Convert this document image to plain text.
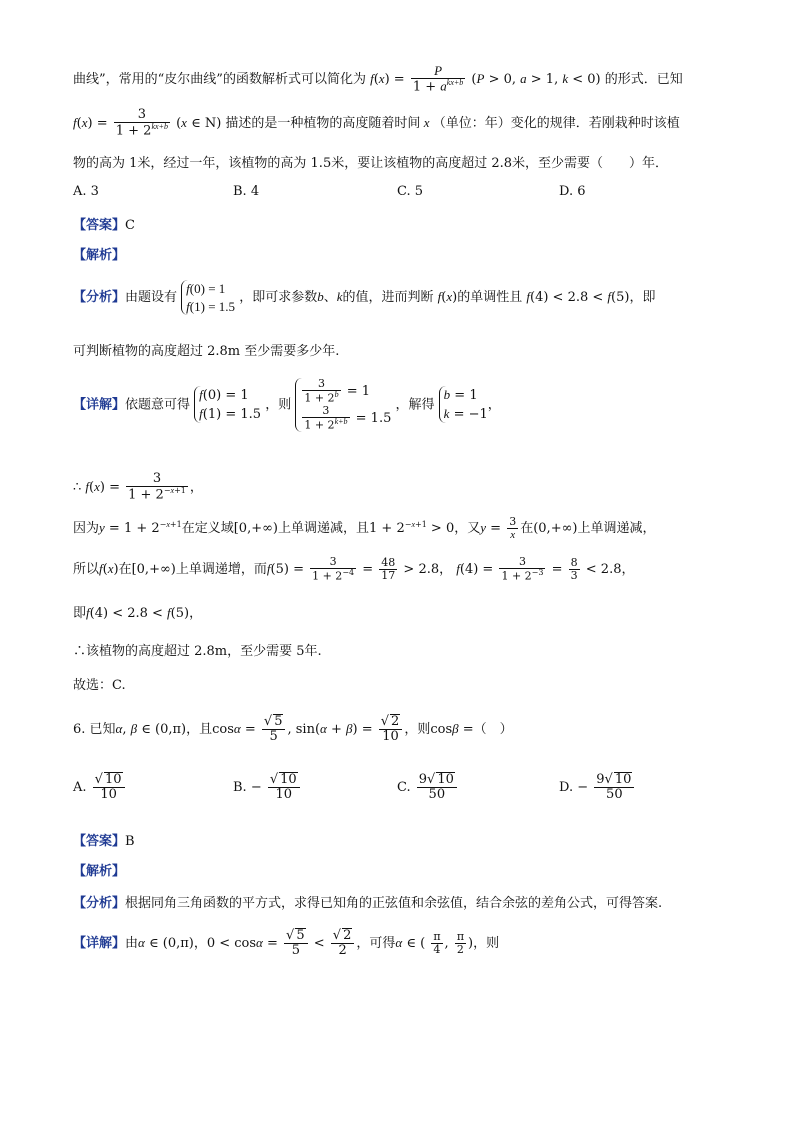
曲线”，常用的“皮尔曲线”的函数解析式可以简化为 $f(x) = \frac{P}{1 + a^{kx+b}} (P > 0$, a > 1, k < 0) 的形式．已知
$f(x) = \frac{3}{1 + 2^{kx+b}} (x$ ∈ N) 描述的是一种植物的高度随着时间 x （单位：年）变化的规律．若刚栽种时该植
物的高为 1米，经过一年，该植物的高为 1.5米，要让该植物的高度超过 2.8米，至少需要（　　）年．
A. 3	B. 4	C. 5	D. 6
【答案】C
【解析】
【分析】由题设有 f(0) = 1
f(1) = 1.5 ，即可求参数b、k的值，进而判断 f(x)的单调性且 f(4) < 2.8 < f(5)，即
可判断植物的高度超过 2.8m 至少需要多少年.
【详解】依题意可得 f(0) = 1
f(1) = 1.5 ，则 $\frac{3}{1 + 2^b} = 1$

$\frac{3}{1 + 2^{k+b}} = 1.5$ ，解得 b = 1
k = −1，
∴ $f(x) = \frac{3}{1 + 2^{-x+1}}$ ，
因为$y = 1 + 2^{-x+1}$在定义域[0,+∞)上单调递减，且$1 + 2^{-x+1} > 0$，又$y = \frac{3}{x}$ 在(0,+∞)上单调递减，
所以f(x)在[0,+∞)上单调递增，而$f(5) = \frac{3}{1 + 2^{-4}} = \frac{48}{17} > 2.8$， $f(4) = \frac{3}{1 + 2^{-3}} = \frac{8}{3} < 2.8$，
即f(4) < 2.8 < f(5)，
∴该植物的高度超过 2.8m，至少需要 5年.
故选：C.
6. 已知α, β ∈ (0,π)，且$\cos\alpha = \frac{√ 5}{5}$ , $\sin(\alpha + \beta) = \frac{√ 2}{10}$ ，则cosβ =（　）
A. $\frac{√ 10}{10}$	B. − $\frac{√ 10}{10}$	C. $\frac{9√ 10}{50}$	D. − $\frac{9√ 10}{50}$
【答案】B
【解析】
【分析】根据同角三角函数的平方式，求得已知角的正弦值和余弦值，结合余弦的差角公式，可得答案.
【详解】由α ∈ (0,π)，$0 < \cos\alpha = \frac{√ 5}{5} < \frac{√ 2}{2}$ ，可得α ∈ ( $\frac{\pi}{4}$ , $\frac{\pi}{2}$ )，则
